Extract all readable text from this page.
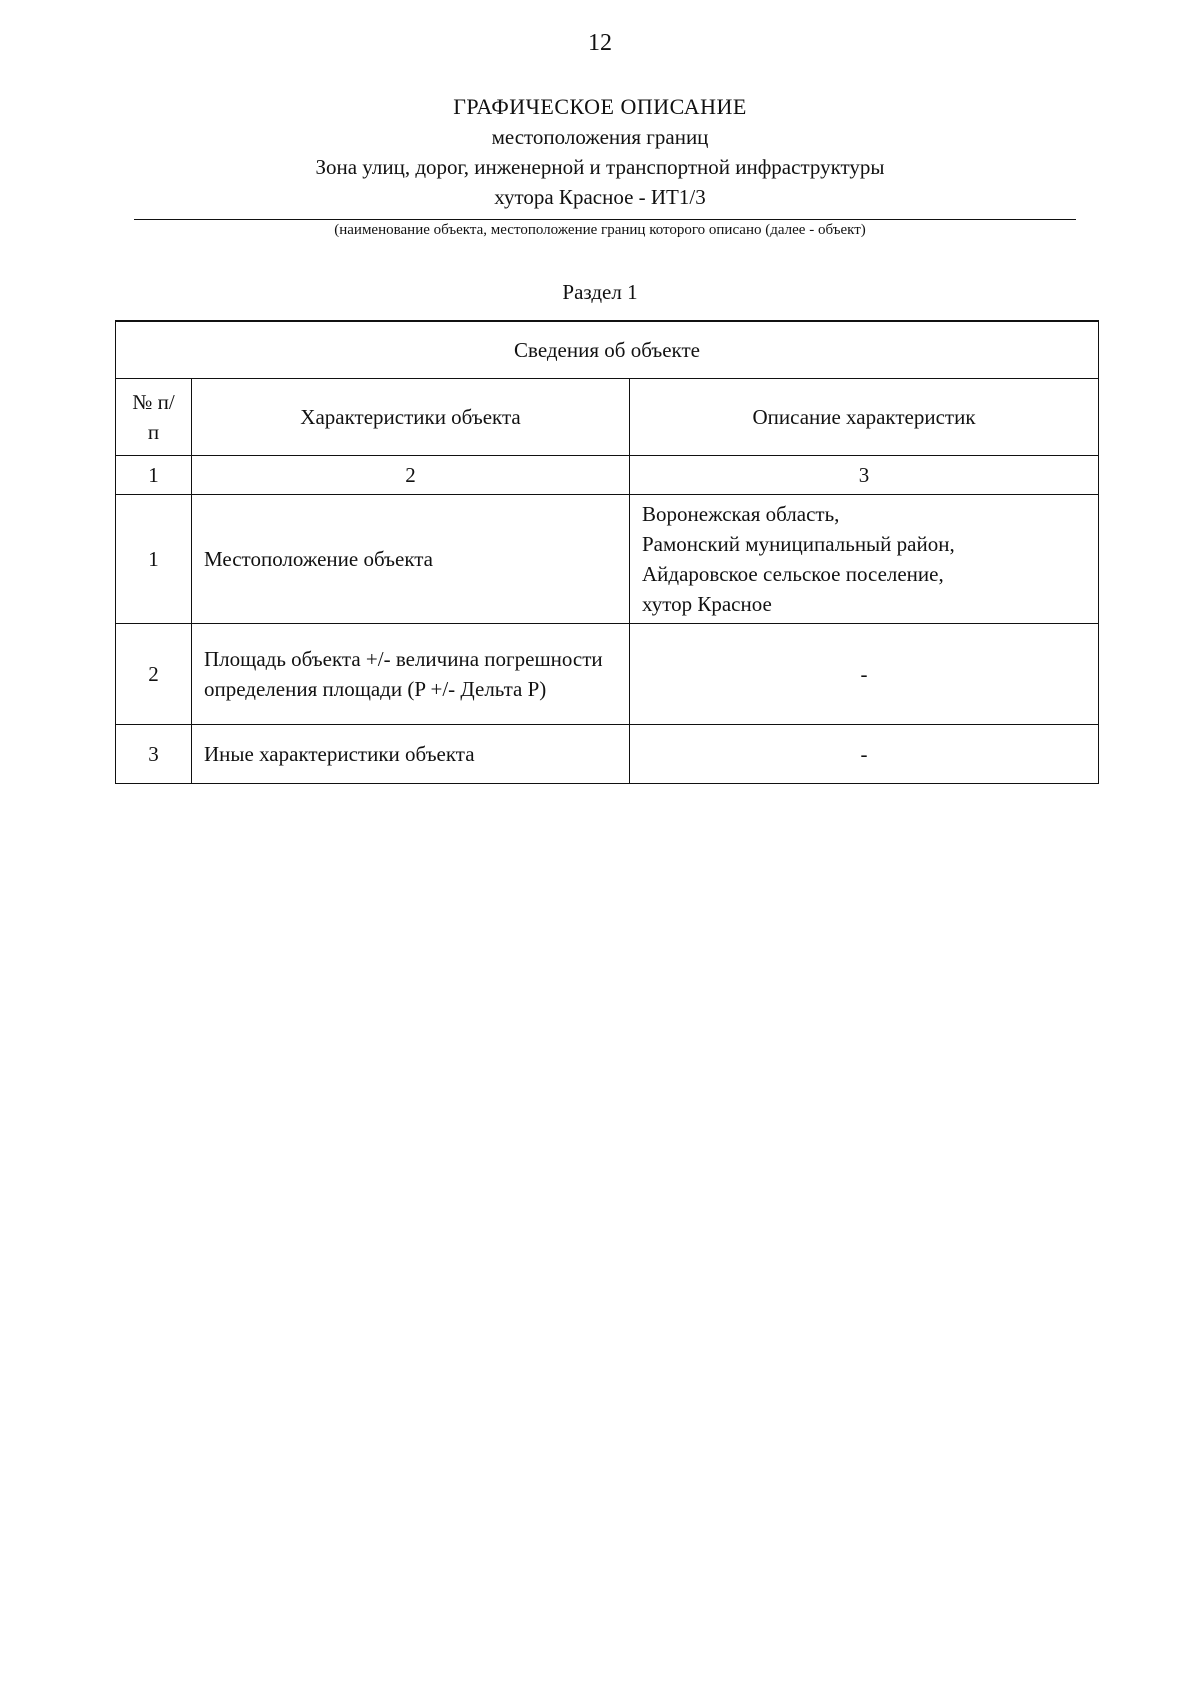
12
ГРАФИЧЕСКОЕ ОПИСАНИЕ
местоположения границ
Зона улиц, дорог, инженерной и транспортной инфраструктуры
хутора Красное - ИТ1/3
(наименование объекта, местоположение границ которого описано (далее - объект)
Раздел 1
Сведения об объекте		

№ п/п	Характеристики объекта	Описание характеристик
1	2	3
1	Местоположение объекта	Воронежская область,
Рамонский муниципальный район,
Айдаровское сельское поселение,
хутор Красное

2	Площадь объекта +/- величина погрешности определения площади (P +/- Дельта P)	-
3	Иные характеристики объекта	-
